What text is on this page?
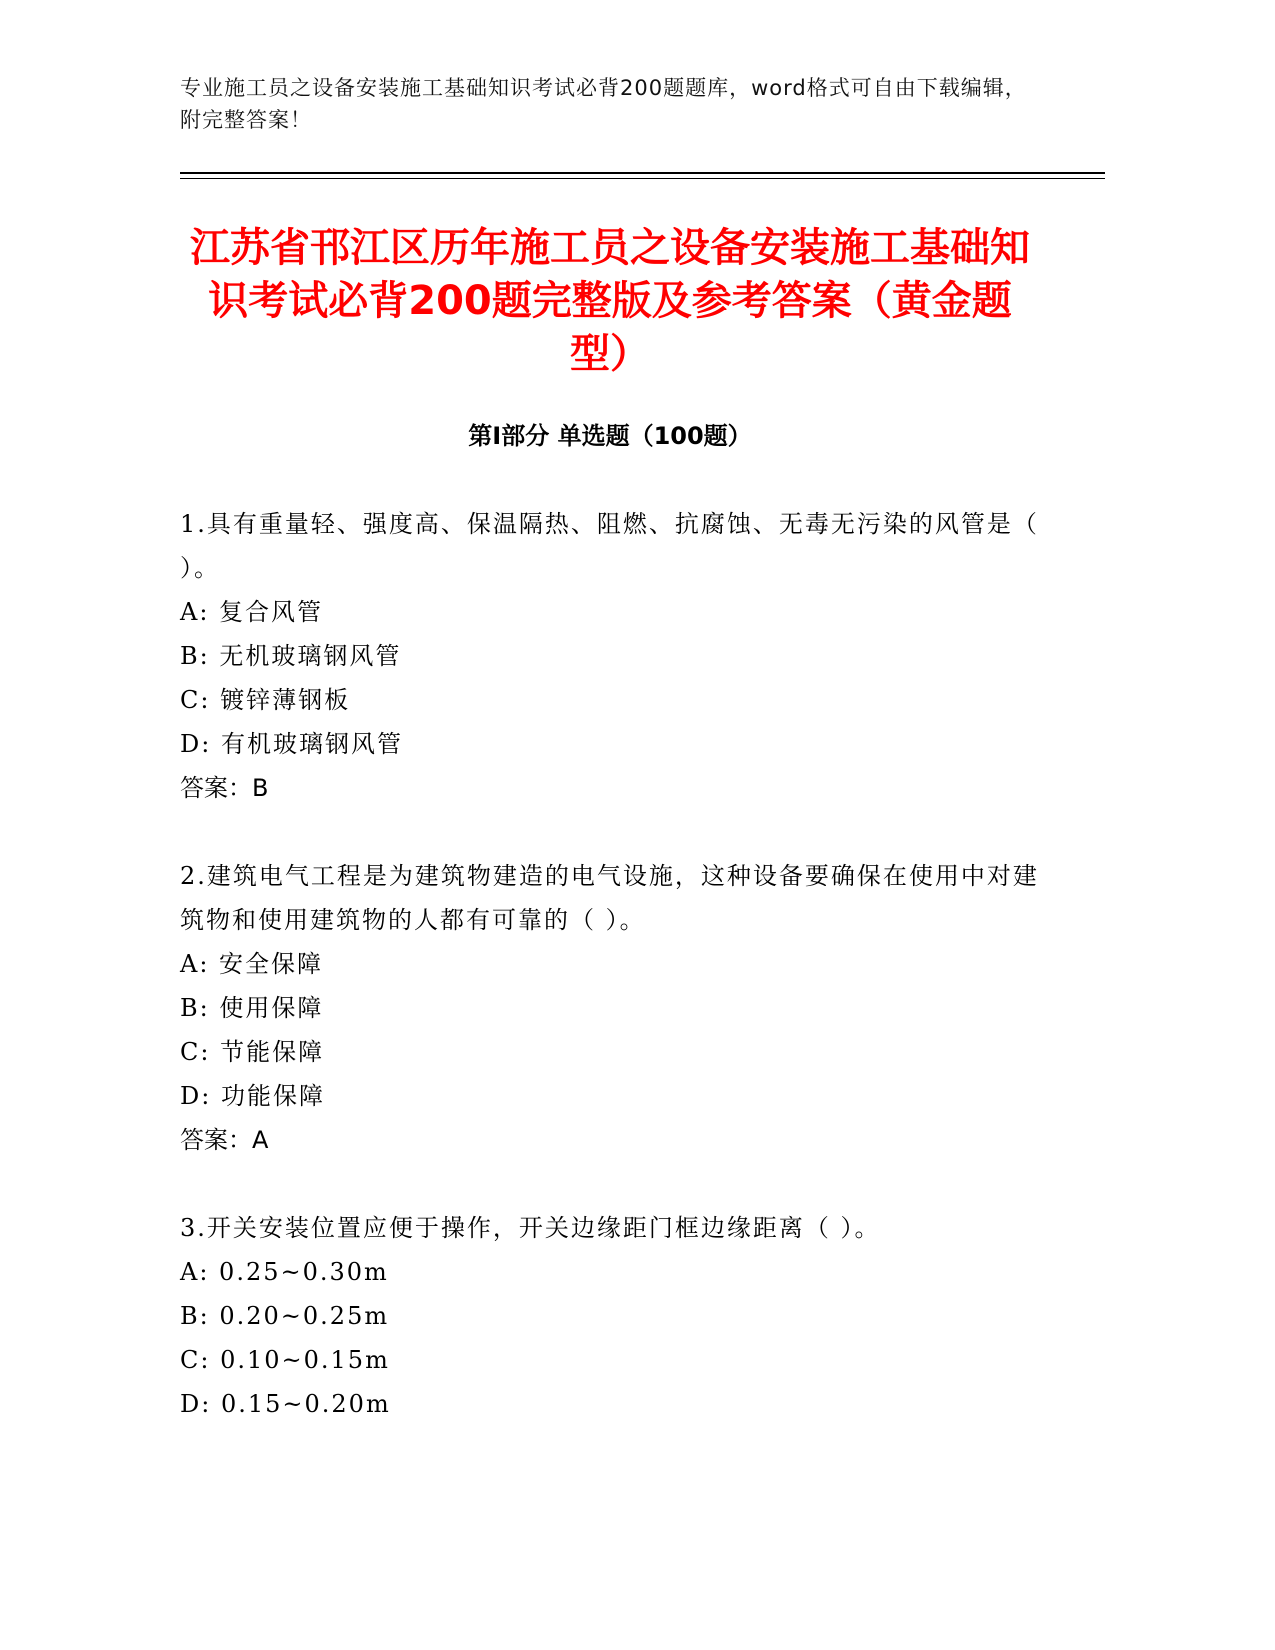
专业施工员之设备安装施工基础知识考试必背200题题库，word格式可自由下载编辑，附完整答案！
江苏省邗江区历年施工员之设备安装施工基础知识考试必背200题完整版及参考答案（黄金题型）
第I部分 单选题（100题）

1.具有重量轻、强度高、保温隔热、阻燃、抗腐蚀、无毒无污染的风管是（ ）。

A: 复合风管

B: 无机玻璃钢风管

C: 镀锌薄钢板

D: 有机玻璃钢风管

答案：B

2.建筑电气工程是为建筑物建造的电气设施，这种设备要确保在使用中对建筑物和使用建筑物的人都有可靠的（ ）。

A: 安全保障

B: 使用保障

C: 节能保障

D: 功能保障

答案：A

3.开关安装位置应便于操作，开关边缘距门框边缘距离（ ）。

A: 0.25~0.30m

B: 0.20~0.25m

C: 0.10~0.15m

D: 0.15~0.20m
